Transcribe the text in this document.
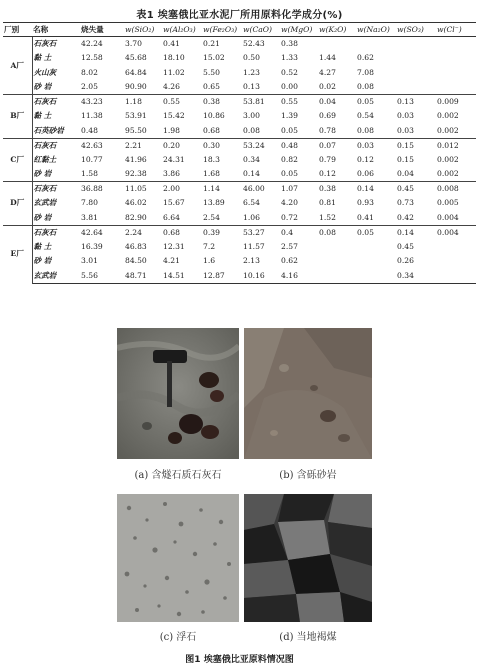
表1 埃塞俄比亚水泥厂所用原料化学成分(%)
厂别	名称	烧失量	w(SiO₂)	w(Al₂O₃)	w(Fe₂O₃)	w(CaO)	w(MgO)	w(K₂O)	w(Na₂O)	w(SO₃)	w(Cl⁻)
A厂	石灰石	42.24	3.70	0.41	0.21	52.43	0.38				
	黏 土	12.58	45.68	18.10	15.02	0.50	1.33	1.44	0.62		
	火山灰	8.02	64.84	11.02	5.50	1.23	0.52	4.27	7.08		
	砂 岩	2.05	90.90	4.26	0.65	0.13	0.00	0.02	0.08		
B厂	石灰石	43.23	1.18	0.55	0.38	53.81	0.55	0.04	0.05	0.13	0.009
	黏 土	11.38	53.91	15.42	10.86	3.00	1.39	0.69	0.54	0.03	0.002
	石英砂岩	0.48	95.50	1.98	0.68	0.08	0.05	0.78	0.08	0.03	0.002
C厂	石灰石	42.63	2.21	0.20	0.30	53.24	0.48	0.07	0.03	0.15	0.012
	红黏土	10.77	41.96	24.31	18.3	0.34	0.82	0.79	0.12	0.15	0.002
	砂 岩	1.58	92.38	3.86	1.68	0.14	0.05	0.12	0.06	0.04	0.002
D厂	石灰石	36.88	11.05	2.00	1.14	46.00	1.07	0.38	0.14	0.45	0.008
	玄武岩	7.80	46.02	15.67	13.89	6.54	4.20	0.81	0.93	0.73	0.005
	砂 岩	3.81	82.90	6.64	2.54	1.06	0.72	1.52	0.41	0.42	0.004
E厂	石灰石	42.64	2.24	0.68	0.39	53.27	0.4	0.08	0.05	0.14	0.004
	黏 土	16.39	46.83	12.31	7.2	11.57	2.57			0.45	
	砂 岩	3.01	84.50	4.21	1.6	2.13	0.62			0.26	
	玄武岩	5.56	48.71	14.51	12.87	10.16	4.16			0.34	
(a) 含燧石质石灰石	(b) 含砾砂岩
(c) 浮石	(d) 当地褐煤
图1 埃塞俄比亚原料情况图
